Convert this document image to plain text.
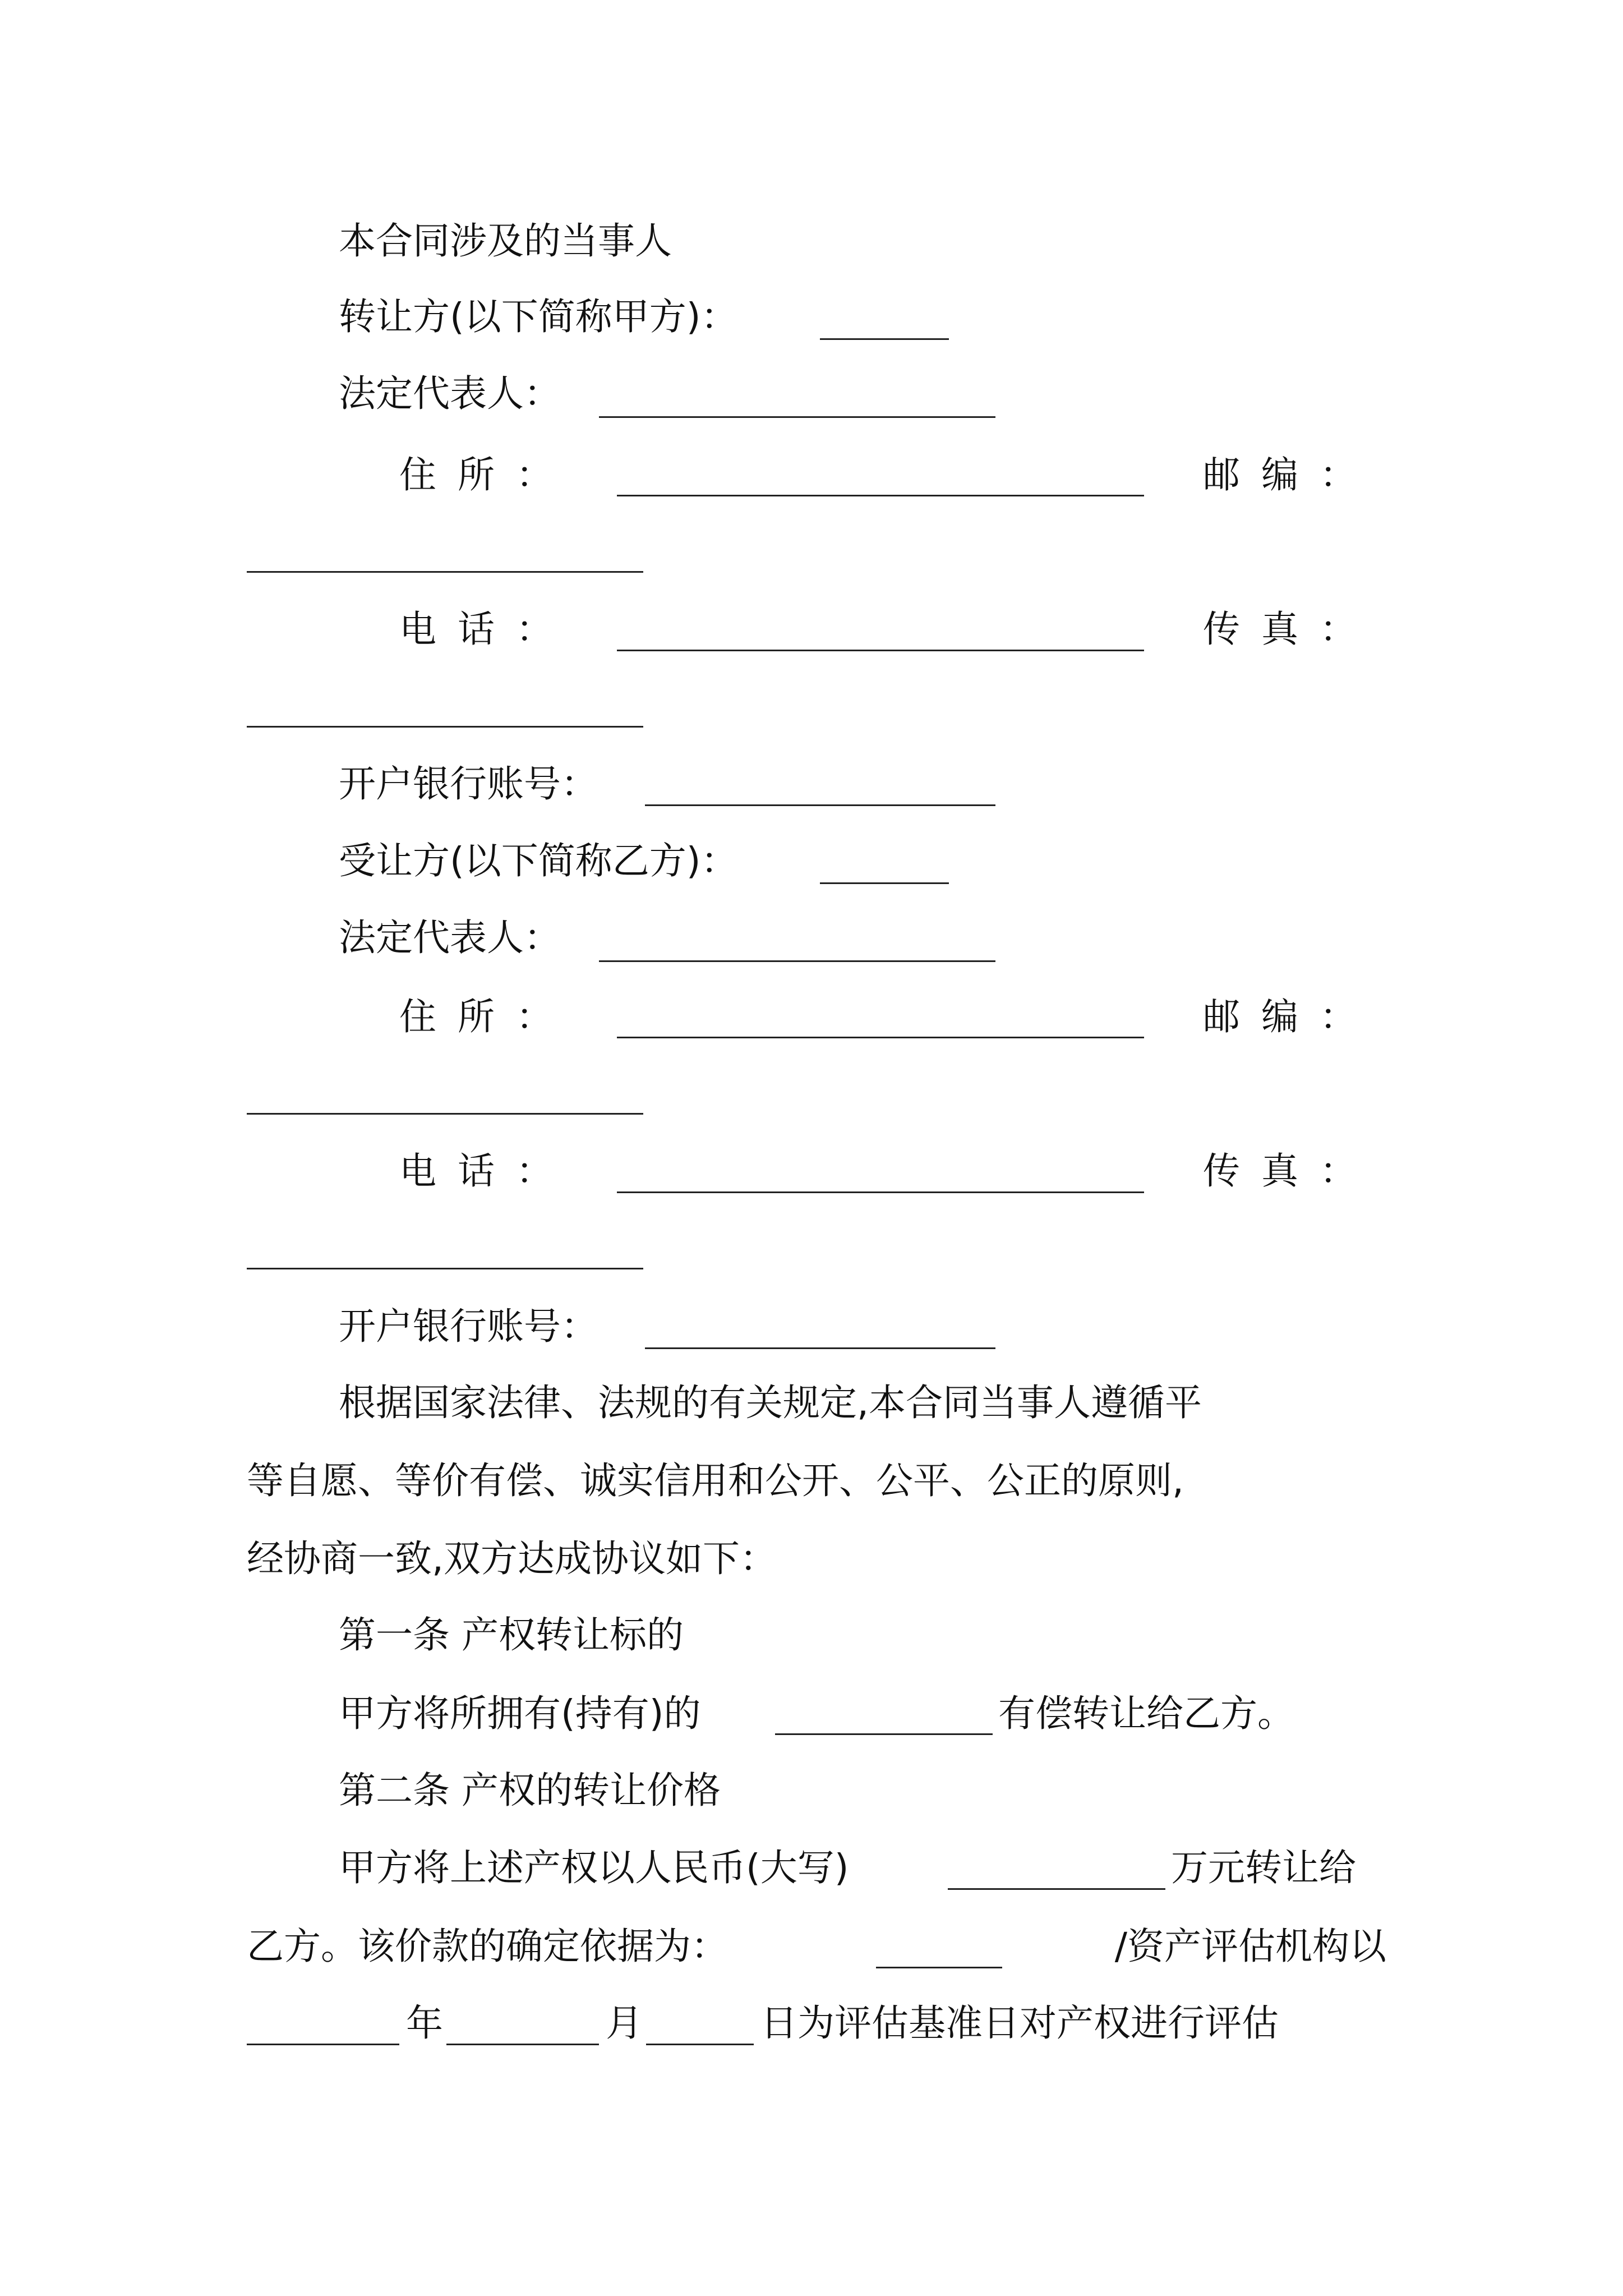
本合同涉及的当事人
转让方(以下简称甲方)：
法定代表人：
住所：	邮编：
电话：	传真：
开户银行账号：
受让方(以下简称乙方)：
法定代表人：
住所：	邮编：
电话：	传真：
开户银行账号：
根据国家法律、法规的有关规定,本合同当事人遵循平
等自愿、等价有偿、诚实信用和公开、公平、公正的原则,
经协商一致,双方达成协议如下：
第一条 产权转让标的
甲方将所拥有(持有)的	有偿转让给乙方。
第二条 产权的转让价格
甲方将上述产权以人民币(大写)	万元转让给
乙方。该价款的确定依据为：	/资产评估机构以
年	月	日为评估基准日对产权进行评估
